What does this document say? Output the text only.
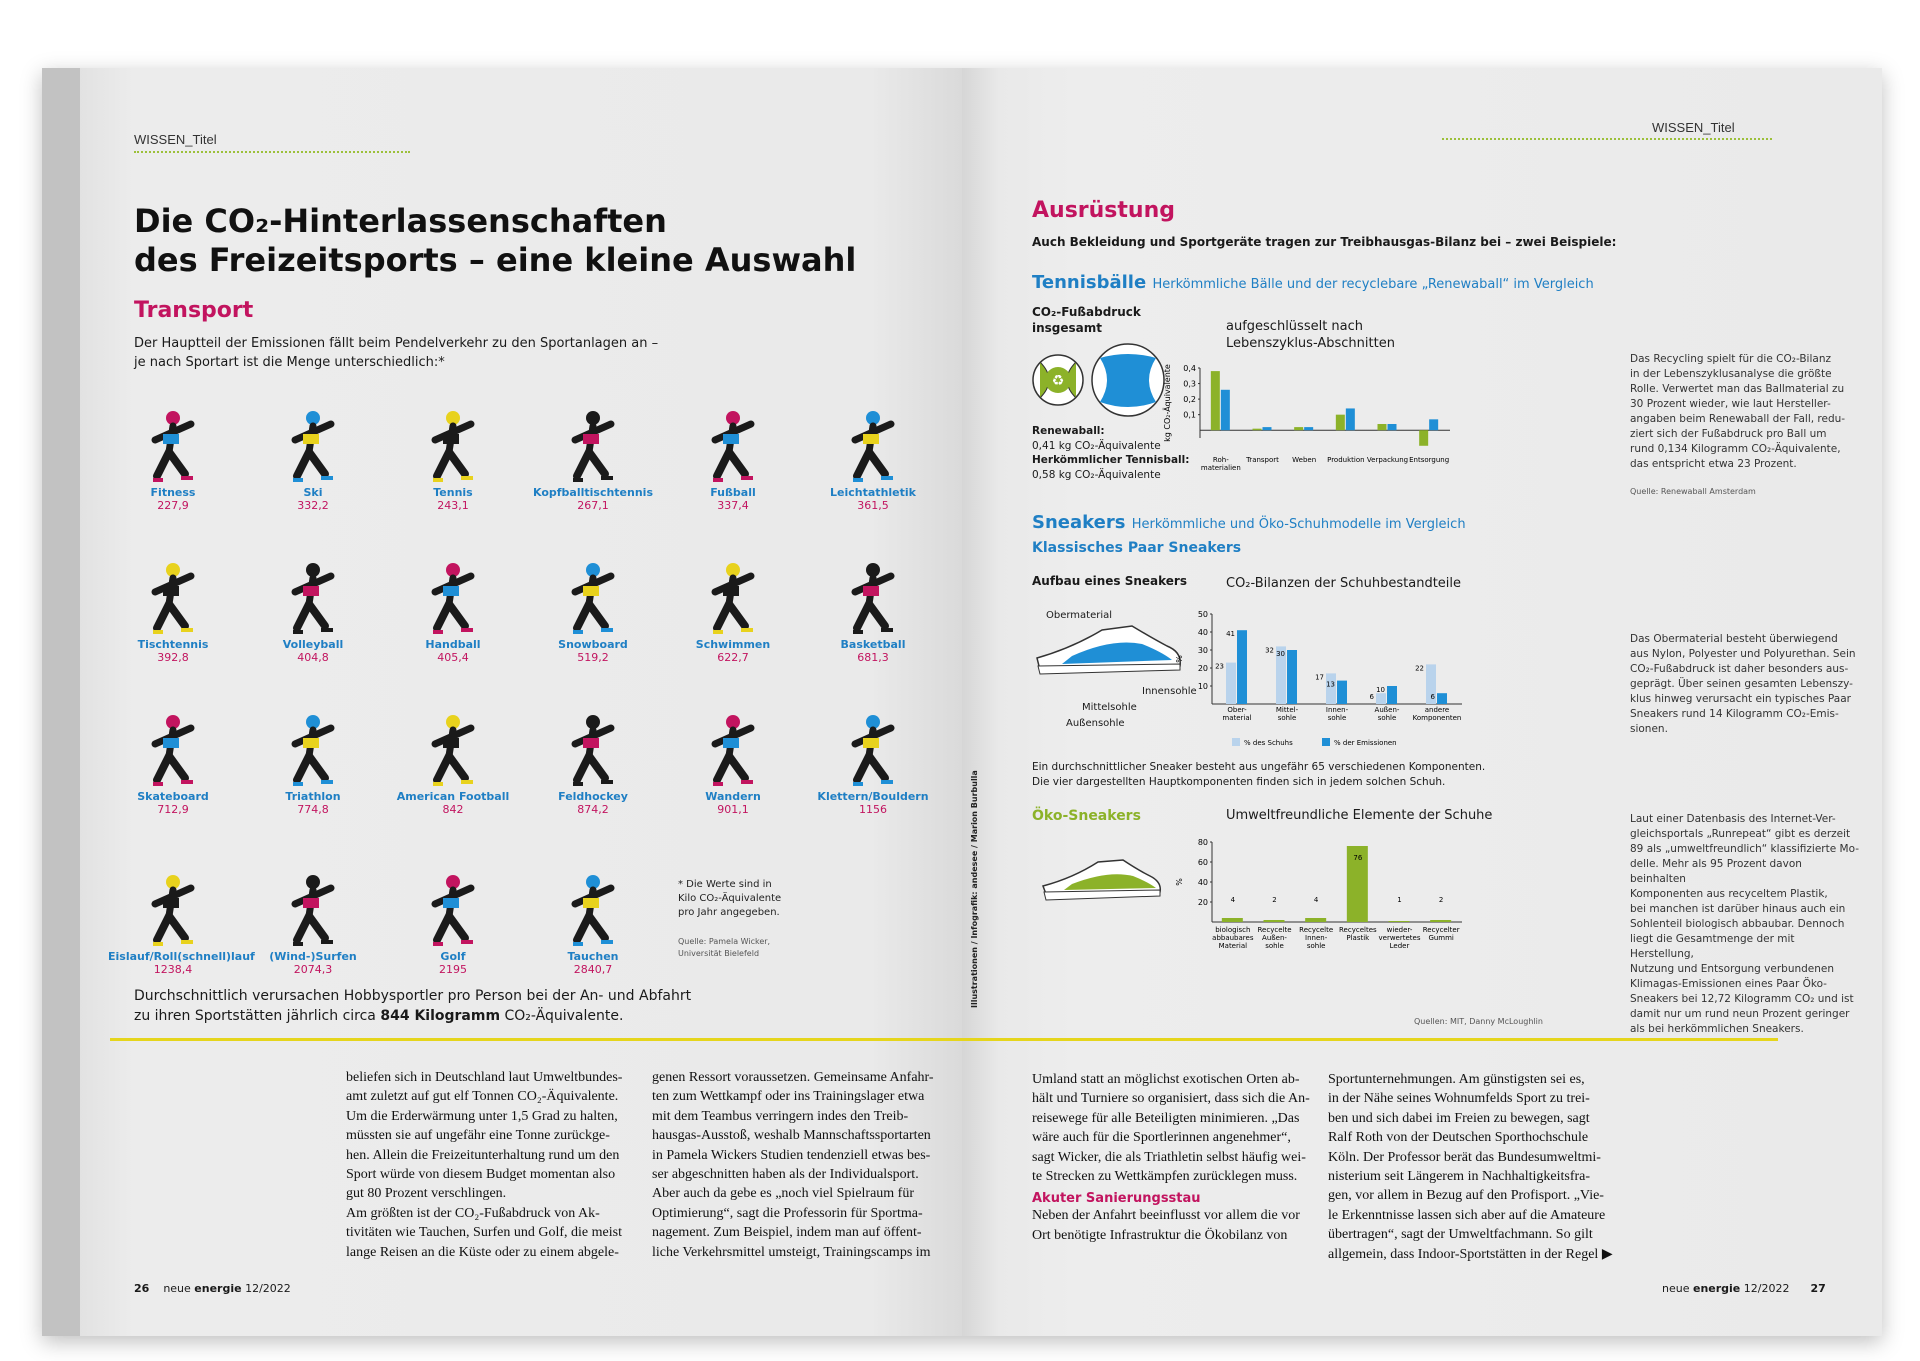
WISSEN_Titel
Die CO₂-Hinterlassenschaften
des Freizeitsports – eine kleine Auswahl
Transport
Der Hauptteil der Emissionen fällt beim Pendelverkehr zu den Sportanlagen an –
je nach Sportart ist die Menge unterschiedlich:*
Fitness
227,9
Ski
332,2
Tennis
243,1
Kopfballtischtennis
267,1
Fußball
337,4
Leichtathletik
361,5
Tischtennis
392,8
Volleyball
404,8
Handball
405,4
Snowboard
519,2
Schwimmen
622,7
Basketball
681,3
Skateboard
712,9
Triathlon
774,8
American Football
842
Feldhockey
874,2
Wandern
901,1
Klettern/Bouldern
1156
Eislauf/Roll(schnell)lauf
1238,4
(Wind-)Surfen
2074,3
Golf
2195
Tauchen
2840,7
* Die Werte sind in
Kilo CO₂-Äquivalente
pro Jahr angegeben.
Quelle: Pamela Wicker,
Universität Bielefeld
Durchschnittlich verursachen Hobbysportler pro Person bei der An- und Abfahrt
zu ihren Sportstätten jährlich circa 844 Kilogramm CO₂-Äquivalente.
beliefen sich in Deutschland laut Umweltbundes-
amt zuletzt auf gut elf Tonnen CO₂-Äquivalente.
Um die Erderwärmung unter 1,5 Grad zu halten,
müssten sie auf ungefähr eine Tonne zurückge-
hen. Allein die Freizeitunterhaltung rund um den
Sport würde von diesem Budget momentan also
gut 80 Prozent verschlingen.
Am größten ist der CO₂-Fußabdruck von Ak-
tivitäten wie Tauchen, Surfen und Golf, die meist
lange Reisen an die Küste oder zu einem abgele-
genen Ressort voraussetzen. Gemeinsame Anfahr-
ten zum Wettkampf oder ins Trainingslager etwa
mit dem Teambus verringern indes den Treib-
hausgas-Ausstoß, weshalb Mannschaftssportarten
in Pamela Wickers Studien tendenziell etwas bes-
ser abgeschnitten haben als der Individualsport.
Aber auch da gebe es „noch viel Spielraum für
Optimierung“, sagt die Professorin für Sportma-
nagement. Zum Beispiel, indem man auf öffent-
liche Verkehrsmittel umsteigt, Trainingscamps im
26 neue energie 12/2022
WISSEN_Titel
Illustrationen / Infografik: andesee / Marion Burbulla
Ausrüstung
Auch Bekleidung und Sportgeräte tragen zur Treibhausgas-Bilanz bei – zwei Beispiele:
Tennisbälle Herkömmliche Bälle und der recyclebare „Renewaball“ im Vergleich
CO₂-Fußabdruck
insgesamt
♻
Renewaball:
0,41 kg CO₂-Äquivalente
Herkömmlicher Tennisball:
0,58 kg CO₂-Äquivalente
aufgeschlüsselt nach
Lebenszyklus-Abschnitten
0,4
0,3
0,2
0,1
Roh-
materialien
Transport Weben Produktion Verpackung Entsorgung
kg CO₂-Äquivalente
Das Recycling spielt für die CO₂-Bilanz
in der Lebenszyklusanalyse die größte
Rolle. Verwertet man das Ballmaterial zu
30 Prozent wieder, wie laut Hersteller-
angaben beim Renewaball der Fall, redu-
ziert sich der Fußabdruck pro Ball um
rund 0,134 Kilogramm CO₂-Äquivalente,
das entspricht etwa 23 Prozent.
Quelle: Renewaball Amsterdam
Sneakers Herkömmliche und Öko-Schuhmodelle im Vergleich
Klassisches Paar Sneakers
Aufbau eines Sneakers
Obermaterial
Innensohle
Mittelsohle
Außensohle
CO₂-Bilanzen der Schuhbestandteile
50
40
30
20
10
23
41
Ober-
material
32 30
Mittel-
sohle
17
13
Innen-
sohle
6
10
Außen-
sohle
22
6
andere
Komponenten
%
% des Schuhs	% der Emissionen
Das Obermaterial besteht überwiegend
aus Nylon, Polyester und Polyurethan. Sein
CO₂-Fußabdruck ist daher besonders aus-
geprägt. Über seinen gesamten Lebenszy-
klus hinweg verursacht ein typisches Paar
Sneakers rund 14 Kilogramm CO₂-Emis-
sionen.
Ein durchschnittlicher Sneaker besteht aus ungefähr 65 verschiedenen Komponenten.
Die vier dargestellten Hauptkomponenten finden sich in jedem solchen Schuh.
Öko-Sneakers	Umweltfreundliche Elemente der Schuhe
80
60
40
20	4
biologisch
abbaubares
Material
2
Recycelte
Außen-
sohle
4
Recycelte
Innen-
sohle
76
Recyceltes
Plastik
1
wieder-
verwertetes
Leder
2
Recycelter
Gummi
%
Quellen: MIT, Danny McLoughlin
Laut einer Datenbasis des Internet-Ver-
gleichsportals „Runrepeat“ gibt es derzeit
89 als „umweltfreundlich“ klassifizierte Mo-
delle. Mehr als 95 Prozent davon beinhalten
Komponenten aus recyceltem Plastik,
bei manchen ist darüber hinaus auch ein
Sohlenteil biologisch abbaubar. Dennoch
liegt die Gesamtmenge der mit Herstellung,
Nutzung und Entsorgung verbundenen
Klimagas-Emissionen eines Paar Öko-
Sneakers bei 12,72 Kilogramm CO₂ und ist
damit nur um rund neun Prozent geringer
als bei herkömmlichen Sneakers.
Umland statt an möglichst exotischen Orten ab-
hält und Turniere so organisiert, dass sich die An-
reisewege für alle Beteiligten minimieren. „Das
wäre auch für die Sportlerinnen angenehmer“,
sagt Wicker, die als Triathletin selbst häufig wei-
te Strecken zu Wettkämpfen zurücklegen muss.
Akuter Sanierungsstau
Neben der Anfahrt beeinflusst vor allem die vor
Ort benötigte Infrastruktur die Ökobilanz von
Sportunternehmungen. Am günstigsten sei es,
in der Nähe seines Wohnumfelds Sport zu trei-
ben und sich dabei im Freien zu bewegen, sagt
Ralf Roth von der Deutschen Sporthochschule
Köln. Der Professor berät das Bundesumweltmi-
nisterium seit Längerem in Nachhaltigkeitsfra-
gen, vor allem in Bezug auf den Profisport. „Vie-
le Erkenntnisse lassen sich aber auf die Amateure
übertragen“, sagt der Umweltfachmann. So gilt
allgemein, dass Indoor-Sportstätten in der Regel ▶
neue energie 12/2022 27
